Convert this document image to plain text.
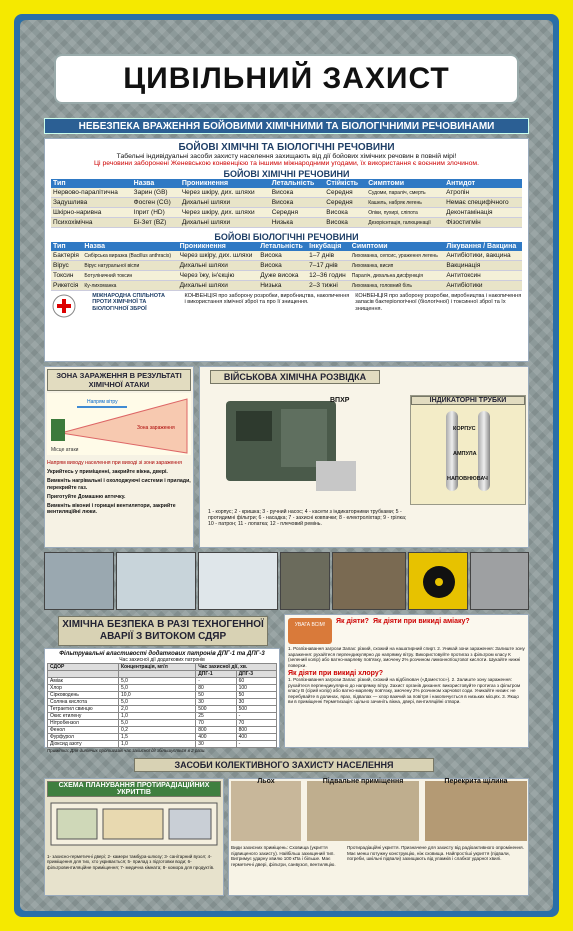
ЦИВІЛЬНИЙ ЗАХИСТ
НЕБЕЗПЕКА ВРАЖЕННЯ БОЙОВИМИ ХІМІЧНИМИ ТА БІОЛОГІЧНИМИ РЕЧОВИНАМИ
БОЙОВІ ХІМІЧНІ ТА БІОЛОГІЧНІ РЕЧОВИНИ
Табельні індивідуальні засоби захисту населення захищають від дії бойових хімічних речовин в повній мірі!
Ці речовини заборонені Женевською конвенцією та іншими міжнародними угодами, їх використання є воєнним злочином.
БОЙОВІ ХІМІЧНІ РЕЧОВИНИ
Тип	Назва	Проникнення	Летальність	Стійкість	Симптоми	Антидот
Нервово-паралітична	Зарин (GB)	Через шкіру, дих. шляхи	Висока	Середня	Судоми, параліч, смерть	Атропін
Задушлива	Фосген (CG)	Дихальні шляхи	Висока	Середня	Кашель, набряк легень	Немає специфічного
Шкірно-наривна	Іприт (HD)	Через шкіру, дих. шляхи	Середня	Висока	Опіки, пухирі, сліпота	Деконтамінація
Психохімічна	Бі-Зет (BZ)	Дихальні шляхи	Низька	Висока	Дезорієнтація, галюцинації	Фізостигмін
БОЙОВІ БІОЛОГІЧНІ РЕЧОВИНИ
Тип	Назва	Проникнення	Летальність	Інкубація	Симптоми	Лікування / Вакцина
Бактерія	Сибірська виразка (Bacillus anthracis)	Через шкіру, дих. шляхи	Висока	1–7 днів	Лихоманка, сепсис, ураження легень	Антибіотики, вакцина
Вірус	Вірус натуральної віспи	Дихальні шляхи	Висока	7–17 днів	Лихоманка, висип	Вакцинація
Токсин	Ботуліничний токсин	Через їжу, ін'єкцію	Дуже висока	12–36 годин	Параліч, дихальна дисфункція	Антитоксин
Рикетсія	Ку-лихоманка	Дихальні шляхи	Низька	2–3 тижні	Лихоманка, головний біль	Антибіотики
МІЖНАРОДНА СПІЛЬНОТА ПРОТИ ХІМІЧНОЇ ТА БІОЛОГІЧНОЇ ЗБРОЇ
КОНВЕНЦІЯ про заборону розробки, виробництва, накопичення і використання хімічної зброї та про її знищення.
КОНВЕНЦІЯ про заборону розробки, виробництва і накопичення запасів бактеріологічної (біологічної) і токсинної зброї та їх знищення.
ЗОНА ЗАРАЖЕННЯ В РЕЗУЛЬТАТІ ХІМІЧНОЇ АТАКИ
Місце атаки
Напрям вітру
Зона зараження
Напрям виходу населення при виході зі зони зараження
Укрийтесь у приміщенні, закрийте вікна, двері.
Вимкніть нагрівальні і охолоджуючі системи і прилади, перекрийте газ.
Приготуйте Домашню аптечку.
Вимкніть вікониі і горищні вентилятори, закрийте вентиляційні люки.
ВІЙСЬКОВА ХІМІЧНА РОЗВІДКА
ВПХР	ІНДИКАТОРНІ ТРУБКИ
КОРПУС
АМПУЛА
НАПОВНЮВАЧ
1 - корпус; 2 - кришка; 3 - ручний насос; 4 - касети з індикаторними трубками; 5 - протидимні фільтри; 6 - насадка; 7 - захисні ковпачки; 8 - електроліхтар; 9 - грілка; 10 - патрон; 11 - лопатка; 12 - плечовий ремінь.
ХІМІЧНА БЕЗПЕКА В РАЗІ ТЕХНОГЕННОЇ АВАРІЇ З ВИТОКОМ СДЯР
Фільтрувальні властивості додаткових патронів ДПГ-1 та ДПГ-3
Час захисної дії додаткових патронів
СДОР	Концентрація, мг/л	Час захисної дії, хв.	
		ДПГ-1	ДПГ-3
Аміак	5,0	-	60
Хлор	5,0	80	100
Сірководень	10,0	50	50
Соляна кислота	5,0	30	30
Тетраетил свинцю	2,0	500	500
Окис етилену	1,0	25	-
Нітробензол	5,0	70	70
Фенол	0,2	800	800
Фурфурол	1,5	400	400
Діоксид азоту	1,0	30	-
Примітка: Для дитячих протигазів час захисної дії збільшується в 2 рази.
УВАГА ВСІМ!	Як діяти? Як діяти при викиді аміаку?
1. Розпізнавання загрози Запах: різкий, схожий на нашатирний спирт. 2. Уникай зони зараження: Залиште зону зараження: рухайтеся перпендикулярно до напрямку вітру. Використовуйте протигаз з фільтром класу К (зелений колір) або ватно-марлеву пов'язку, змочену 2% розчином лимонної/оцтової кислоти. Шукайте нижні поверхи.
Як діяти при викиді хлору?
1. Розпізнавання загрози Запах: різкий, схожий на відбілювач («Доместос»). 2. Залиште зону зараження: рухайтеся перпендикулярно до напрямку вітру. Захист органів дихання: використовуйте протигаз з фільтром класу В (сірий колір) або ватно-марлеву пов'язку, змочену 2% розчином харчової соди. Уникайте низин: не перебувайте в долинах, ярах, підвалах — хлор важчий за повітря і накопичується в низьких місцях. 3. Якщо ви в приміщенні Герметизація: щільно зачиніть вікна, двері, вентиляційні отвори.
ЗАСОБИ КОЛЕКТИВНОГО ЗАХИСТУ НАСЕЛЕННЯ
СХЕМА ПЛАНУВАННЯ ПРОТИРАДІАЦІЙНИХ УКРИТТІВ
1- захисно-герметичні двері; 2- камери тамбура-шлюзу; 3- санітарний вузол; 4- приміщення для тих, хто укривається; 5- прилад з підготовки води; 6- фільтровентиляційне приміщення; 7- медична кімната; 8- комора для продуктів.
Льох	Підвальне приміщення	Перекрита щілина
Види захисних приміщень: Сховища (укриття підвищеного захисту). Найбільш захищений тип. Витримує ударну хвилю 100 кПа і більше. Має герметичні двері, фільтри, санвузол, вентиляцію.
Протирадіаційні укриття. Призначене для захисту від радіоактивного опромінення. Має менш потужну конструкцію, ніж сховища. Найпростіші укриття (підвали, погреби, шкільні підвали) захищають від уламків і слабкої ударної хвилі.
